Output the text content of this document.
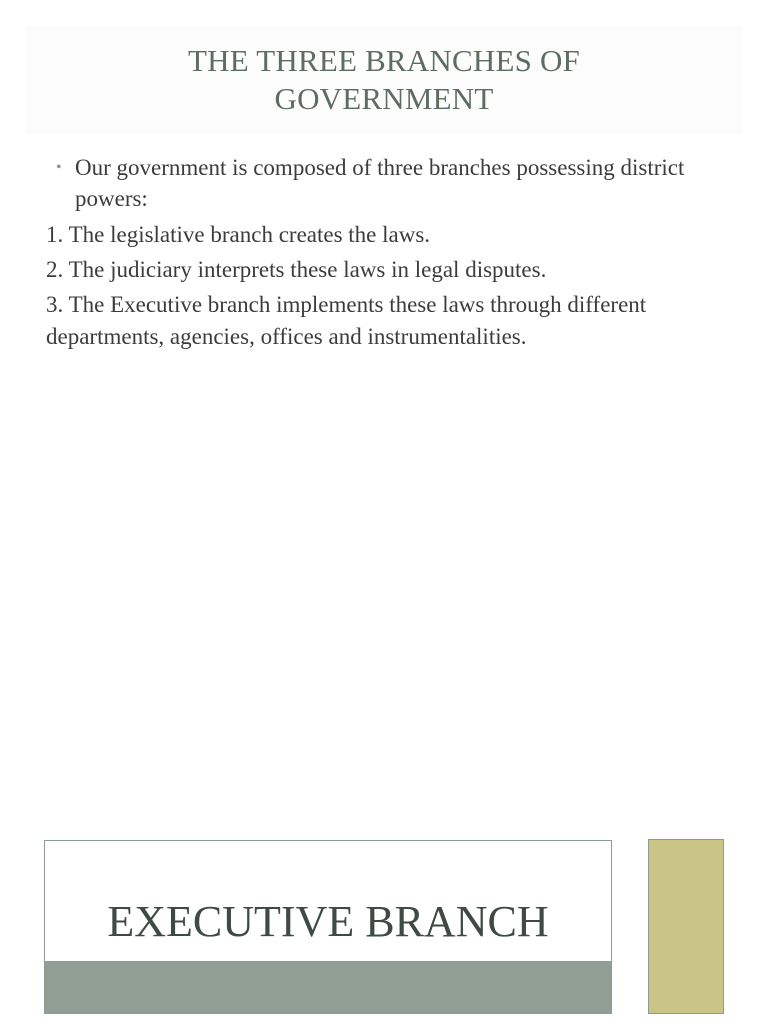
THE THREE BRANCHES OF GOVERNMENT
• Our government is composed of three branches possessing district powers:
1. The legislative branch creates the laws.
2. The judiciary interprets these laws in legal disputes.
3. The Executive branch implements these laws through different departments, agencies, offices and instrumentalities.
EXECUTIVE BRANCH
